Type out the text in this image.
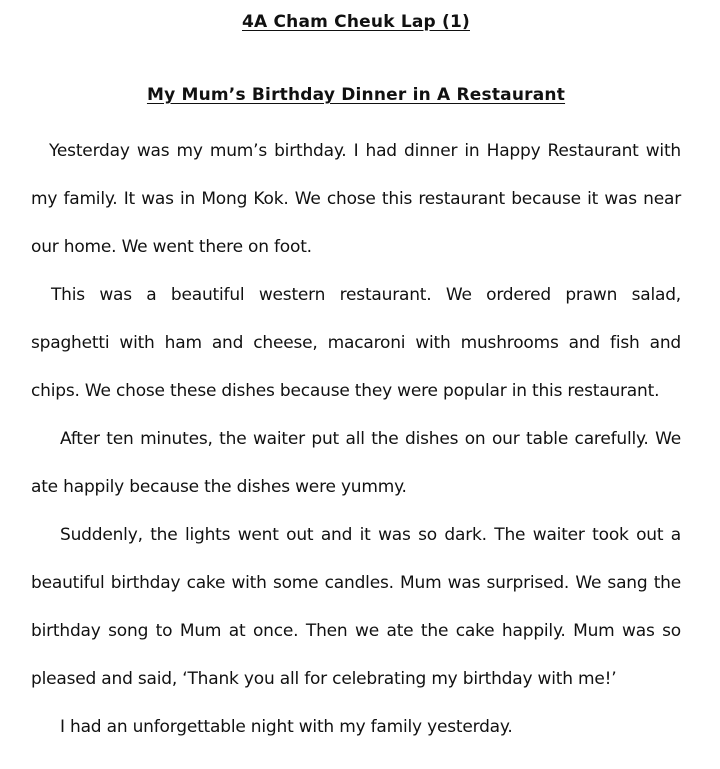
4A Cham Cheuk Lap (1)
My Mum’s Birthday Dinner in A Restaurant

Yesterday was my mum’s birthday. I had dinner in Happy Restaurant with my family. It was in Mong Kok. We chose this restaurant because it was near our home. We went there on foot.

This was a beautiful western restaurant. We ordered prawn salad, spaghetti with ham and cheese, macaroni with mushrooms and fish and chips. We chose these dishes because they were popular in this restaurant.

After ten minutes, the waiter put all the dishes on our table carefully. We ate happily because the dishes were yummy.

Suddenly, the lights went out and it was so dark. The waiter took out a beautiful birthday cake with some candles. Mum was surprised. We sang the birthday song to Mum at once. Then we ate the cake happily. Mum was so pleased and said, ‘Thank you all for celebrating my birthday with me!’

I had an unforgettable night with my family yesterday.
